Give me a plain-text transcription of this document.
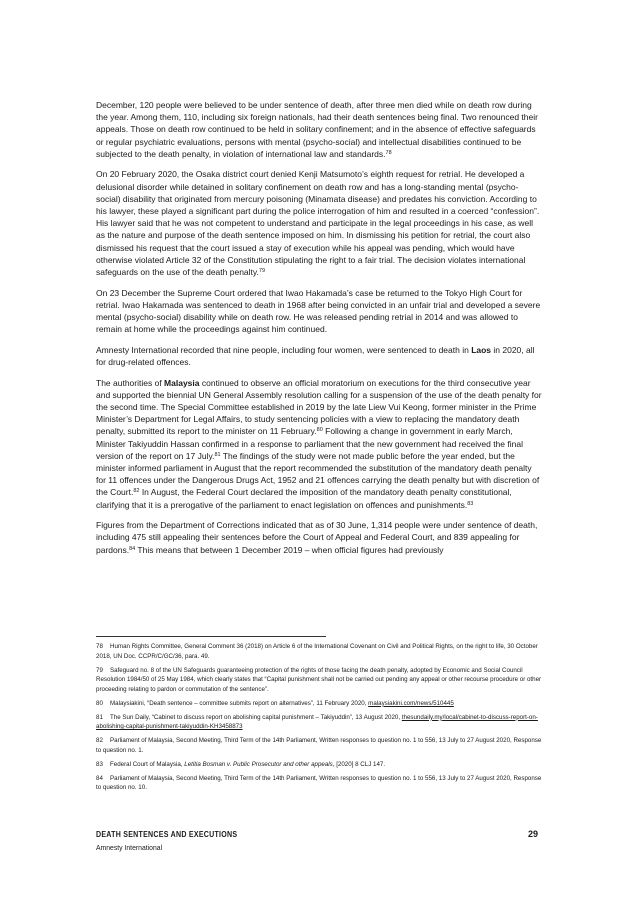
December, 120 people were believed to be under sentence of death, after three men died while on death row during the year. Among them, 110, including six foreign nationals, had their death sentences being final. Two renounced their appeals. Those on death row continued to be held in solitary confinement; and in the absence of effective safeguards or regular psychiatric evaluations, persons with mental (psycho-social) and intellectual disabilities continued to be subjected to the death penalty, in violation of international law and standards.$^{78}$

On 20 February 2020, the Osaka district court denied Kenji Matsumoto’s eighth request for retrial. He developed a delusional disorder while detained in solitary confinement on death row and has a long-standing mental (psycho-social) disability that originated from mercury poisoning (Minamata disease) and predates his conviction. According to his lawyer, these played a significant part during the police interrogation of him and resulted in a coerced “confession”. His lawyer said that he was not competent to understand and participate in the legal proceedings in his case, as well as the nature and purpose of the death sentence imposed on him. In dismissing his petition for retrial, the court also dismissed his request that the court issued a stay of execution while his appeal was pending, which would have otherwise violated Article 32 of the Constitution stipulating the right to a fair trial. The decision violates international safeguards on the use of the death penalty.$^{79}$

On 23 December the Supreme Court ordered that Iwao Hakamada’s case be returned to the Tokyo High Court for retrial. Iwao Hakamada was sentenced to death in 1968 after being convicted in an unfair trial and developed a severe mental (psycho-social) disability while on death row. He was released pending retrial in 2014 and was allowed to remain at home while the proceedings against him continued.

Amnesty International recorded that nine people, including four women, were sentenced to death in Laos in 2020, all for drug-related offences.

The authorities of Malaysia continued to observe an official moratorium on executions for the third consecutive year and supported the biennial UN General Assembly resolution calling for a suspension of the use of the death penalty for the second time. The Special Committee established in 2019 by the late Liew Vui Keong, former minister in the Prime Minister’s Department for Legal Affairs, to study sentencing policies with a view to replacing the mandatory death penalty, submitted its report to the minister on 11 February.$^{80}$ Following a change in government in early March, Minister Takiyuddin Hassan confirmed in a response to parliament that the new government had received the final version of the report on 17 July.$^{81}$ The findings of the study were not made public before the year ended, but the minister informed parliament in August that the report recommended the substitution of the mandatory death penalty for 11 offences under the Dangerous Drugs Act, 1952 and 21 offences carrying the death penalty but with discretion of the Court.$^{82}$ In August, the Federal Court declared the imposition of the mandatory death penalty constitutional, clarifying that it is a prerogative of the parliament to enact legislation on offences and punishments.$^{83}$

Figures from the Department of Corrections indicated that as of 30 June, 1,314 people were under sentence of death, including 475 still appealing their sentences before the Court of Appeal and Federal Court, and 839 appealing for pardons.$^{84}$ This means that between 1 December 2019 – when official figures had previously

78 Human Rights Committee, General Comment 36 (2018) on Article 6 of the International Covenant on Civil and Political Rights, on the right to life, 30 October 2018, UN Doc. CCPR/C/GC/36, para. 49.
79 Safeguard no. 8 of the UN Safeguards guaranteeing protection of the rights of those facing the death penalty, adopted by Economic and Social Council Resolution 1984/50 of 25 May 1984, which clearly states that “Capital punishment shall not be carried out pending any appeal or other recourse procedure or other proceeding relating to pardon or commutation of the sentence”.
80 Malaysiakini, “Death sentence – committee submits report on alternatives”, 11 February 2020, malaysiakini.com/news/510445
81 The Sun Daily, “Cabinet to discuss report on abolishing capital punishment – Takiyuddin”, 13 August 2020, thesundaily.my/local/cabinet-to-discuss-report-on-abolishing-capital-punishment-takiyuddin-KH3458873
82 Parliament of Malaysia, Second Meeting, Third Term of the 14th Parliament, Written responses to question no. 1 to 556, 13 July to 27 August 2020, Response to question no. 1.
83 Federal Court of Malaysia, Letitia Bosman v. Public Prosecutor and other appeals, [2020] 8 CLJ 147.
84 Parliament of Malaysia, Second Meeting, Third Term of the 14th Parliament, Written responses to question no. 1 to 556, 13 July to 27 August 2020, Response to question no. 10.
DEATH SENTENCES AND EXECUTIONS
Amnesty International
29
